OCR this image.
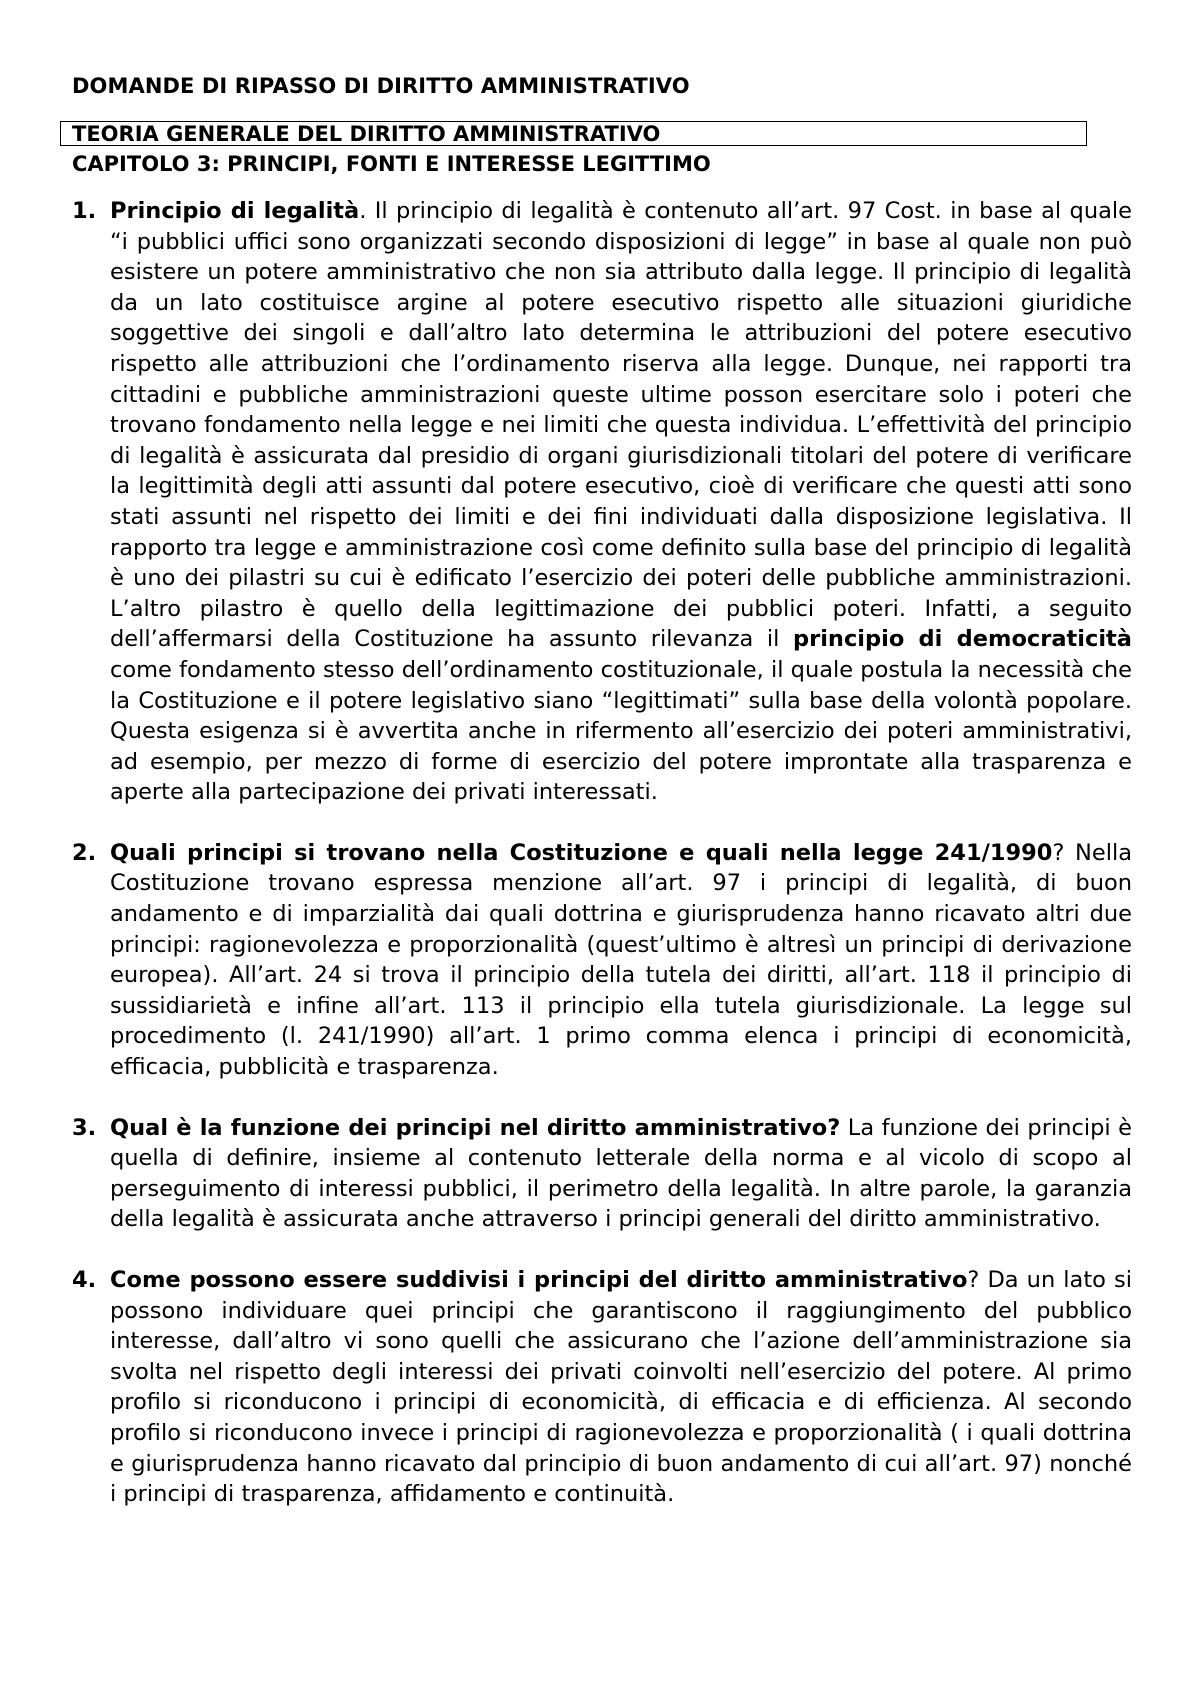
DOMANDE DI RIPASSO DI DIRITTO AMMINISTRATIVO
TEORIA GENERALE DEL DIRITTO AMMINISTRATIVO
CAPITOLO 3: PRINCIPI, FONTI E INTERESSE LEGITTIMO
1. Principio di legalità. Il principio di legalità è contenuto all’art. 97 Cost. in base al quale “i pubblici uffici sono organizzati secondo disposizioni di legge” in base al quale non può esistere un potere amministrativo che non sia attributo dalla legge. Il principio di legalità da un lato costituisce argine al potere esecutivo rispetto alle situazioni giuridiche soggettive dei singoli e dall’altro lato determina le attribuzioni del potere esecutivo rispetto alle attribuzioni che l’ordinamento riserva alla legge. Dunque, nei rapporti tra cittadini e pubbliche amministrazioni queste ultime posson esercitare solo i poteri che trovano fondamento nella legge e nei limiti che questa individua. L’effettività del principio di legalità è assicurata dal presidio di organi giurisdizionali titolari del potere di verificare la legittimità degli atti assunti dal potere esecutivo, cioè di verificare che questi atti sono stati assunti nel rispetto dei limiti e dei fini individuati dalla disposizione legislativa. Il rapporto tra legge e amministrazione così come definito sulla base del principio di legalità è uno dei pilastri su cui è edificato l’esercizio dei poteri delle pubbliche amministrazioni. L’altro pilastro è quello della legittimazione dei pubblici poteri. Infatti, a seguito dell’affermarsi della Costituzione ha assunto rilevanza il principio di democraticità come fondamento stesso dell’ordinamento costituzionale, il quale postula la necessità che la Costituzione e il potere legislativo siano “legittimati” sulla base della volontà popolare. Questa esigenza si è avvertita anche in rifermento all’esercizio dei poteri amministrativi, ad esempio, per mezzo di forme di esercizio del potere improntate alla trasparenza e aperte alla partecipazione dei privati interessati.
2. Quali principi si trovano nella Costituzione e quali nella legge 241/1990? Nella Costituzione trovano espressa menzione all’art. 97 i principi di legalità, di buon andamento e di imparzialità dai quali dottrina e giurisprudenza hanno ricavato altri due principi: ragionevolezza e proporzionalità (quest’ultimo è altresì un principi di derivazione europea). All’art. 24 si trova il principio della tutela dei diritti, all’art. 118 il principio di sussidiarietà e infine all’art. 113 il principio ella tutela giurisdizionale. La legge sul procedimento (l. 241/1990) all’art. 1 primo comma elenca i principi di economicità, efficacia, pubblicità e trasparenza.
3. Qual è la funzione dei principi nel diritto amministrativo? La funzione dei principi è quella di definire, insieme al contenuto letterale della norma e al vicolo di scopo al perseguimento di interessi pubblici, il perimetro della legalità. In altre parole, la garanzia della legalità è assicurata anche attraverso i principi generali del diritto amministrativo.
4. Come possono essere suddivisi i principi del diritto amministrativo? Da un lato si possono individuare quei principi che garantiscono il raggiungimento del pubblico interesse, dall’altro vi sono quelli che assicurano che l’azione dell’amministrazione sia svolta nel rispetto degli interessi dei privati coinvolti nell’esercizio del potere. Al primo profilo si riconducono i principi di economicità, di efficacia e di efficienza. Al secondo profilo si riconducono invece i principi di ragionevolezza e proporzionalità ( i quali dottrina e giurisprudenza hanno ricavato dal principio di buon andamento di cui all’art. 97) nonché i principi di trasparenza, affidamento e continuità.
